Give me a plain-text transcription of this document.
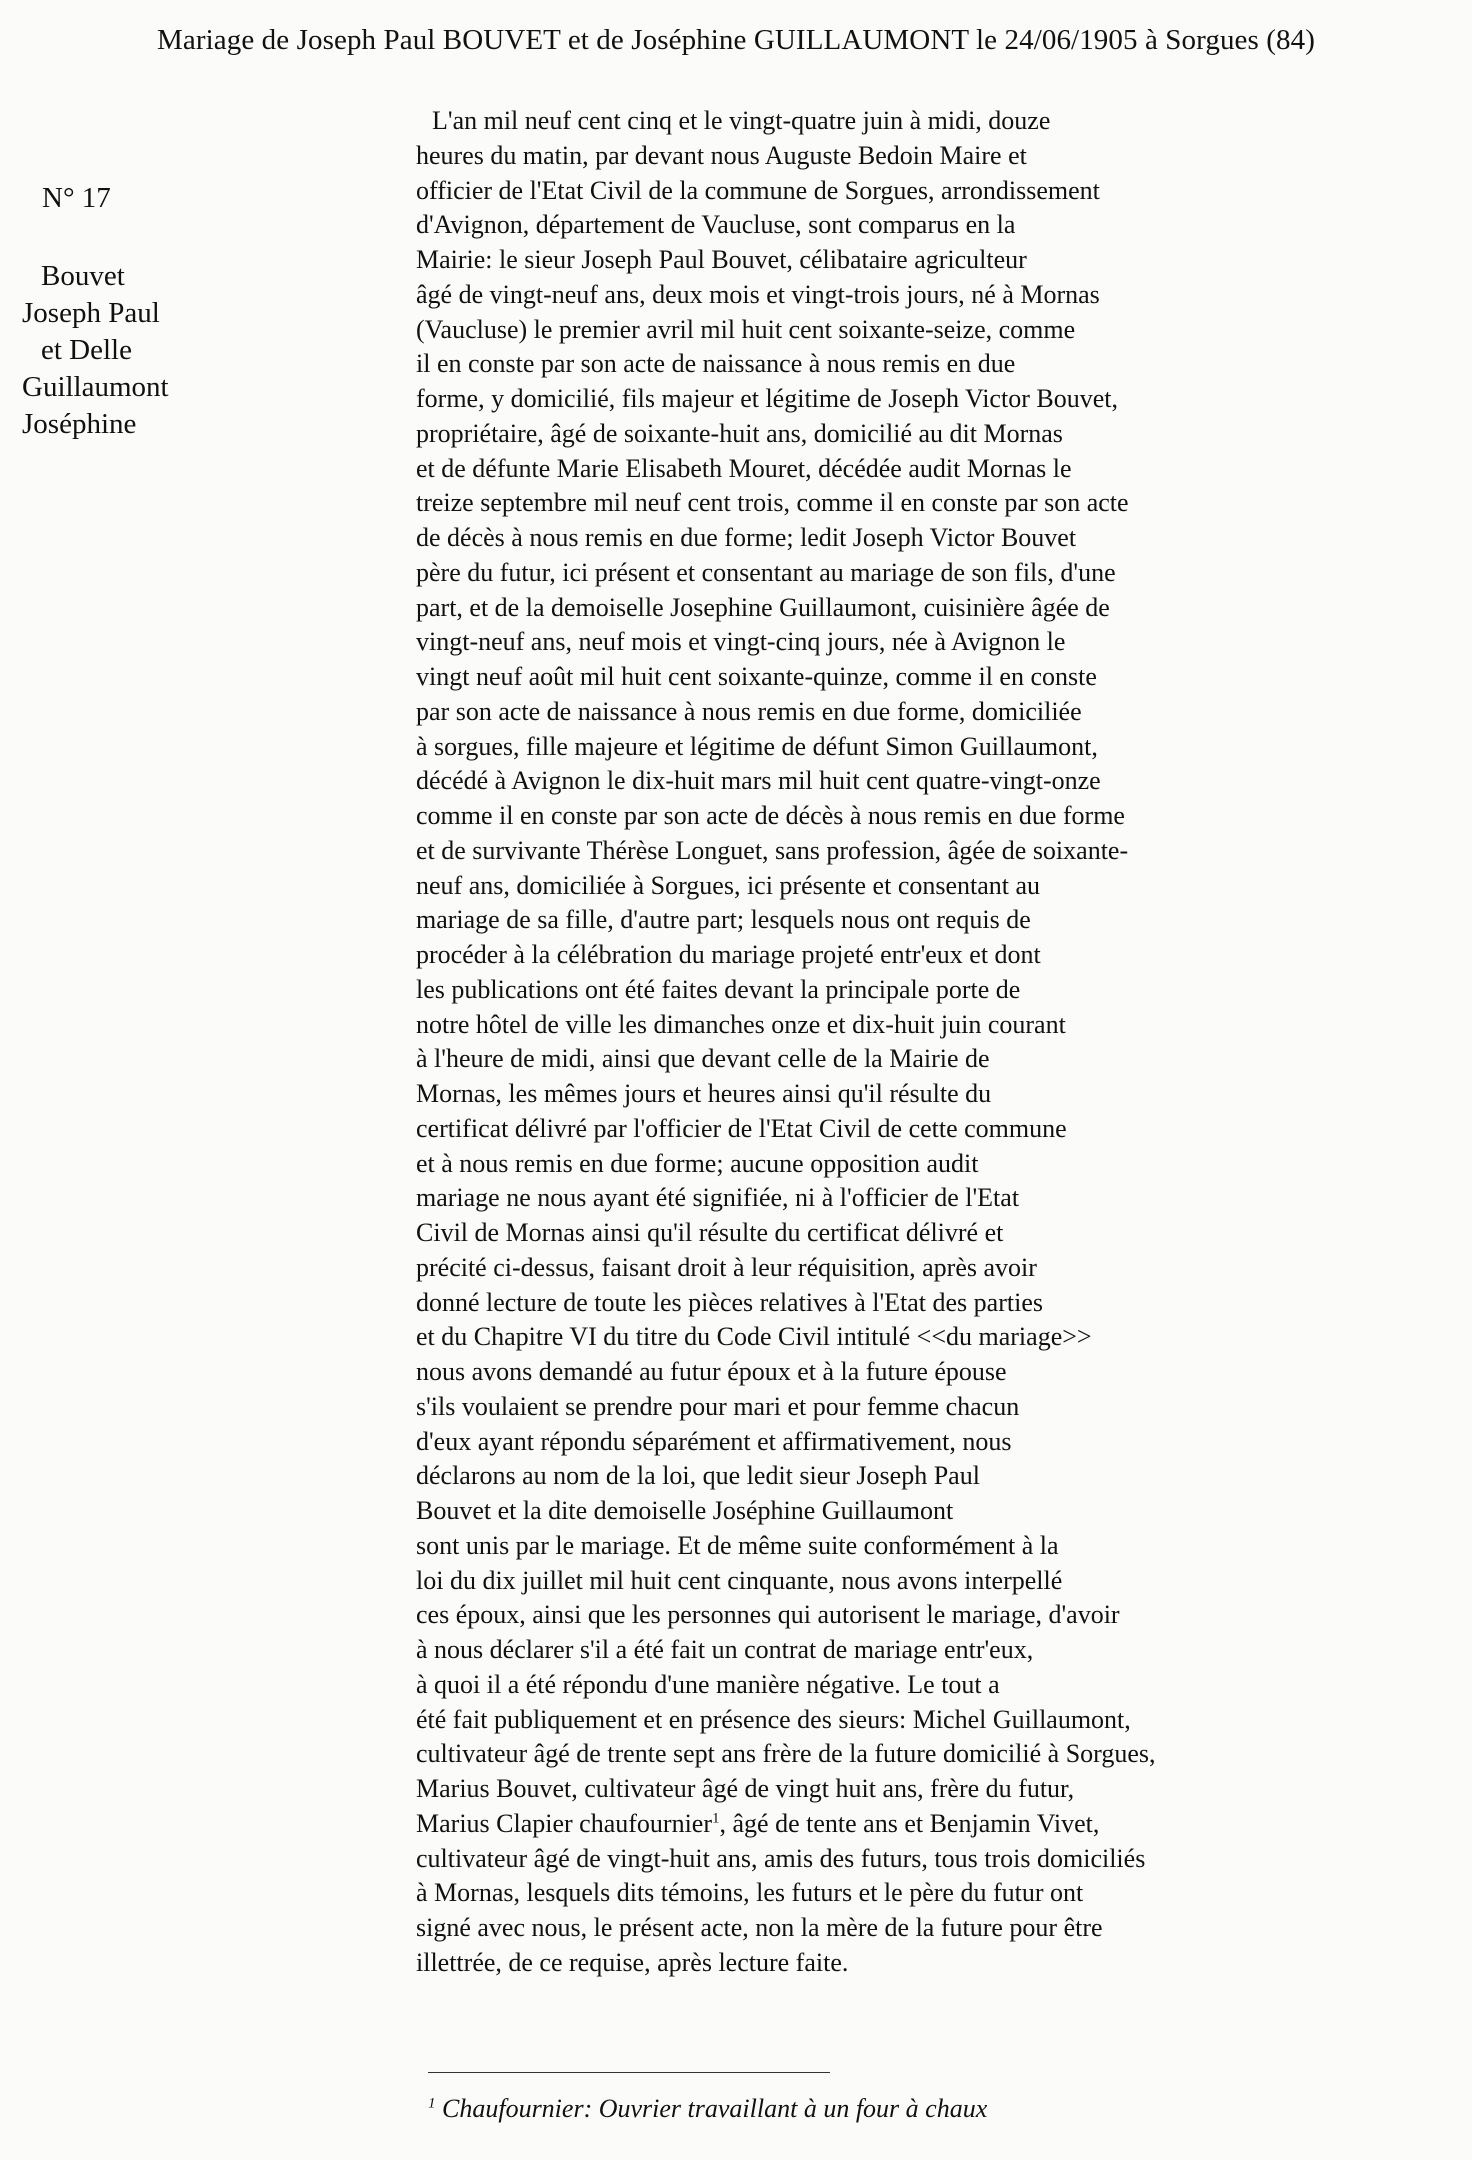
Mariage de Joseph Paul BOUVET et de Joséphine GUILLAUMONT le 24/06/1905 à Sorgues (84)
N° 17
Bouvet
Joseph Paul
et Delle
Guillaumont
Joséphine
L'an mil neuf cent cinq et le vingt-quatre juin à midi, douze
heures du matin, par devant nous Auguste Bedoin Maire et
officier de l'Etat Civil de la commune de Sorgues, arrondissement
d'Avignon, département de Vaucluse, sont comparus en la
Mairie: le sieur Joseph Paul Bouvet, célibataire agriculteur
âgé de vingt-neuf ans, deux mois et vingt-trois jours, né à Mornas
(Vaucluse) le premier avril mil huit cent soixante-seize, comme
il en conste par son acte de naissance à nous remis en due
forme, y domicilié, fils majeur et légitime de Joseph Victor Bouvet,
propriétaire, âgé de soixante-huit ans, domicilié au dit Mornas
et de défunte Marie Elisabeth Mouret, décédée audit Mornas le
treize septembre mil neuf cent trois, comme il en conste par son acte
de décès à nous remis en due forme; ledit Joseph Victor Bouvet
père du futur, ici présent et consentant au mariage de son fils, d'une
part, et de la demoiselle Josephine Guillaumont, cuisinière âgée de
vingt-neuf ans, neuf mois et vingt-cinq jours, née à Avignon le
vingt neuf août mil huit cent soixante-quinze, comme il en conste
par son acte de naissance à nous remis en due forme, domiciliée
à sorgues, fille majeure et légitime de défunt Simon Guillaumont,
décédé à Avignon le dix-huit mars mil huit cent quatre-vingt-onze
comme il en conste par son acte de décès à nous remis en due forme
et de survivante Thérèse Longuet, sans profession, âgée de soixante-
neuf ans, domiciliée à Sorgues, ici présente et consentant au
mariage de sa fille, d'autre part; lesquels nous ont requis de
procéder à la célébration du mariage projeté entr'eux et dont
les publications ont été faites devant la principale porte de
notre hôtel de ville les dimanches onze et dix-huit juin courant
à l'heure de midi, ainsi que devant celle de la Mairie de
Mornas, les mêmes jours et heures ainsi qu'il résulte du
certificat délivré par l'officier de l'Etat Civil de cette commune
et à nous remis en due forme; aucune opposition audit
mariage ne nous ayant été signifiée, ni à l'officier de l'Etat
Civil de Mornas ainsi qu'il résulte du certificat délivré et
précité ci-dessus, faisant droit à leur réquisition, après avoir
donné lecture de toute les pièces relatives à l'Etat des parties
et du Chapitre VI du titre du Code Civil intitulé <<du mariage>>
nous avons demandé au futur époux et à la future épouse
s'ils voulaient se prendre pour mari et pour femme chacun
d'eux ayant répondu séparément et affirmativement, nous
déclarons au nom de la loi, que ledit sieur Joseph Paul
Bouvet et la dite demoiselle Joséphine Guillaumont
sont unis par le mariage. Et de même suite conformément à la
loi du dix juillet mil huit cent cinquante, nous avons interpellé
ces époux, ainsi que les personnes qui autorisent le mariage, d'avoir
à nous déclarer s'il a été fait un contrat de mariage entr'eux,
à quoi il a été répondu d'une manière négative. Le tout a
été fait publiquement et en présence des sieurs: Michel Guillaumont,
cultivateur âgé de trente sept ans frère de la future domicilié à Sorgues,
Marius Bouvet, cultivateur âgé de vingt huit ans, frère du futur,
Marius Clapier chaufournier$^1$, âgé de tente ans et Benjamin Vivet,
cultivateur âgé de vingt-huit ans, amis des futurs, tous trois domiciliés
à Mornas, lesquels dits témoins, les futurs et le père du futur ont
signé avec nous, le présent acte, non la mère de la future pour être
illettrée, de ce requise, après lecture faite.
$^1$ Chaufournier: Ouvrier travaillant à un four à chaux
